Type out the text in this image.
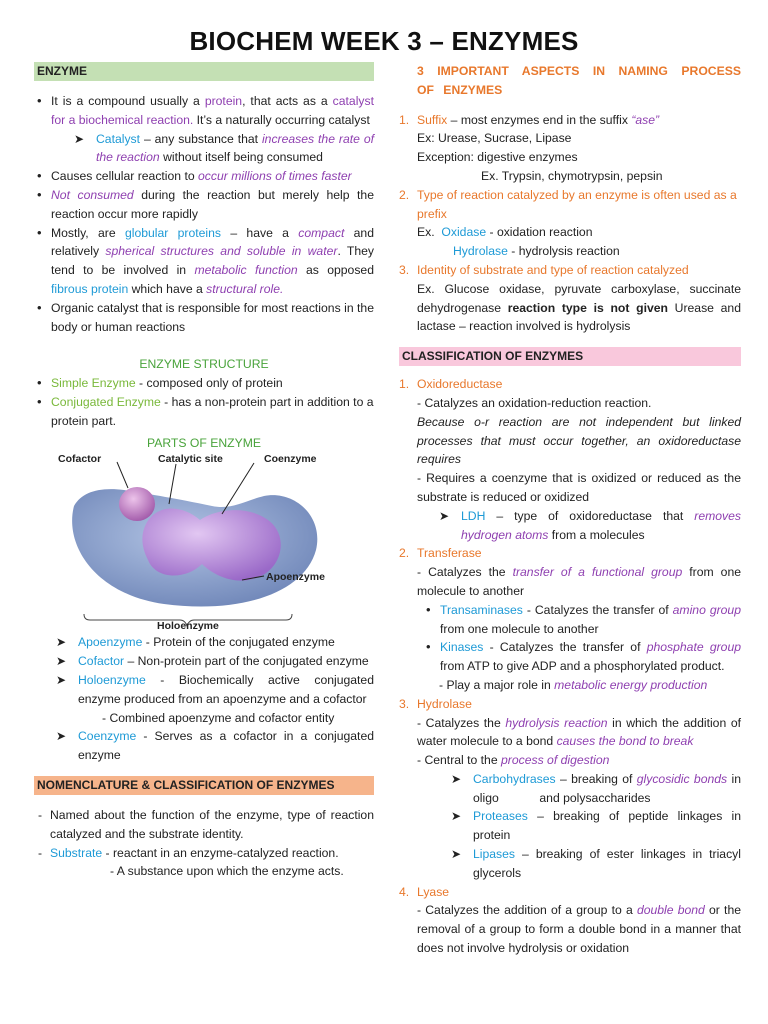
BIOCHEM WEEK 3 – ENZYMES
ENZYME
• It is a compound usually a protein, that acts as a catalyst for a biochemical reaction. It’s a naturally occurring catalyst
➤ Catalyst – any substance that increases the rate of the reaction without itself being consumed
• Causes cellular reaction to occur millions of times faster
• Not consumed during the reaction but merely help the reaction occur more rapidly
• Mostly, are globular proteins – have a compact and relatively spherical structures and soluble in water. They tend to be involved in metabolic function as opposed fibrous protein which have a structural role.
• Organic catalyst that is responsible for most reactions in the body or human reactions
ENZYME STRUCTURE
• Simple Enzyme - composed only of protein
• Conjugated Enzyme - has a non-protein part in addition to a protein part.
PARTS OF ENZYME
Cofactor	Catalytic site	Coenzyme
Apoenzyme
Holoenzyme
➤ Apoenzyme - Protein of the conjugated enzyme
➤ Cofactor – Non-protein part of the conjugated enzyme
➤ Holoenzyme - Biochemically active conjugated enzyme produced from an apoenzyme and a cofactor
- Combined apoenzyme and cofactor entity
➤ Coenzyme - Serves as a cofactor in a conjugated enzyme
NOMENCLATURE & CLASSIFICATION OF ENZYMES
- Named about the function of the enzyme, type of reaction catalyzed and the substrate identity.
- Substrate - reactant in an enzyme-catalyzed reaction.
- A substance upon which the enzyme acts.
3 IMPORTANT ASPECTS IN NAMING PROCESS OF ENZYMES
1. Suffix – most enzymes end in the suffix “ase”
Ex: Urease, Sucrase, Lipase
Exception: digestive enzymes
Ex. Trypsin, chymotrypsin, pepsin
2. Type of reaction catalyzed by an enzyme is often used as a prefix
Ex. Oxidase - oxidation reaction
Hydrolase - hydrolysis reaction
3. Identity of substrate and type of reaction catalyzed
Ex. Glucose oxidase, pyruvate carboxylase, succinate dehydrogenase reaction type is not given Urease and lactase – reaction involved is hydrolysis
CLASSIFICATION OF ENZYMES
1. Oxidoreductase
- Catalyzes an oxidation-reduction reaction.
Because o-r reaction are not independent but linked processes that must occur together, an oxidoreductase requires
- Requires a coenzyme that is oxidized or reduced as the substrate is reduced or oxidized
➤ LDH – type of oxidoreductase that removes hydrogen atoms from a molecules
2. Transferase
- Catalyzes the transfer of a functional group from one molecule to another
• Transaminases - Catalyzes the transfer of amino group from one molecule to another
• Kinases - Catalyzes the transfer of phosphate group from ATP to give ADP and a phosphorylated product.
- Play a major role in metabolic energy production
3. Hydrolase
- Catalyzes the hydrolysis reaction in which the addition of water molecule to a bond causes the bond to break
- Central to the process of digestion
➤ Carbohydrases – breaking of glycosidic bonds in oligo            and polysaccharides
➤ Proteases – breaking of peptide linkages in protein
➤ Lipases – breaking of ester linkages in triacyl glycerols
4. Lyase
- Catalyzes the addition of a group to a double bond or the removal of a group to form a double bond in a manner that does not involve hydrolysis or oxidation
